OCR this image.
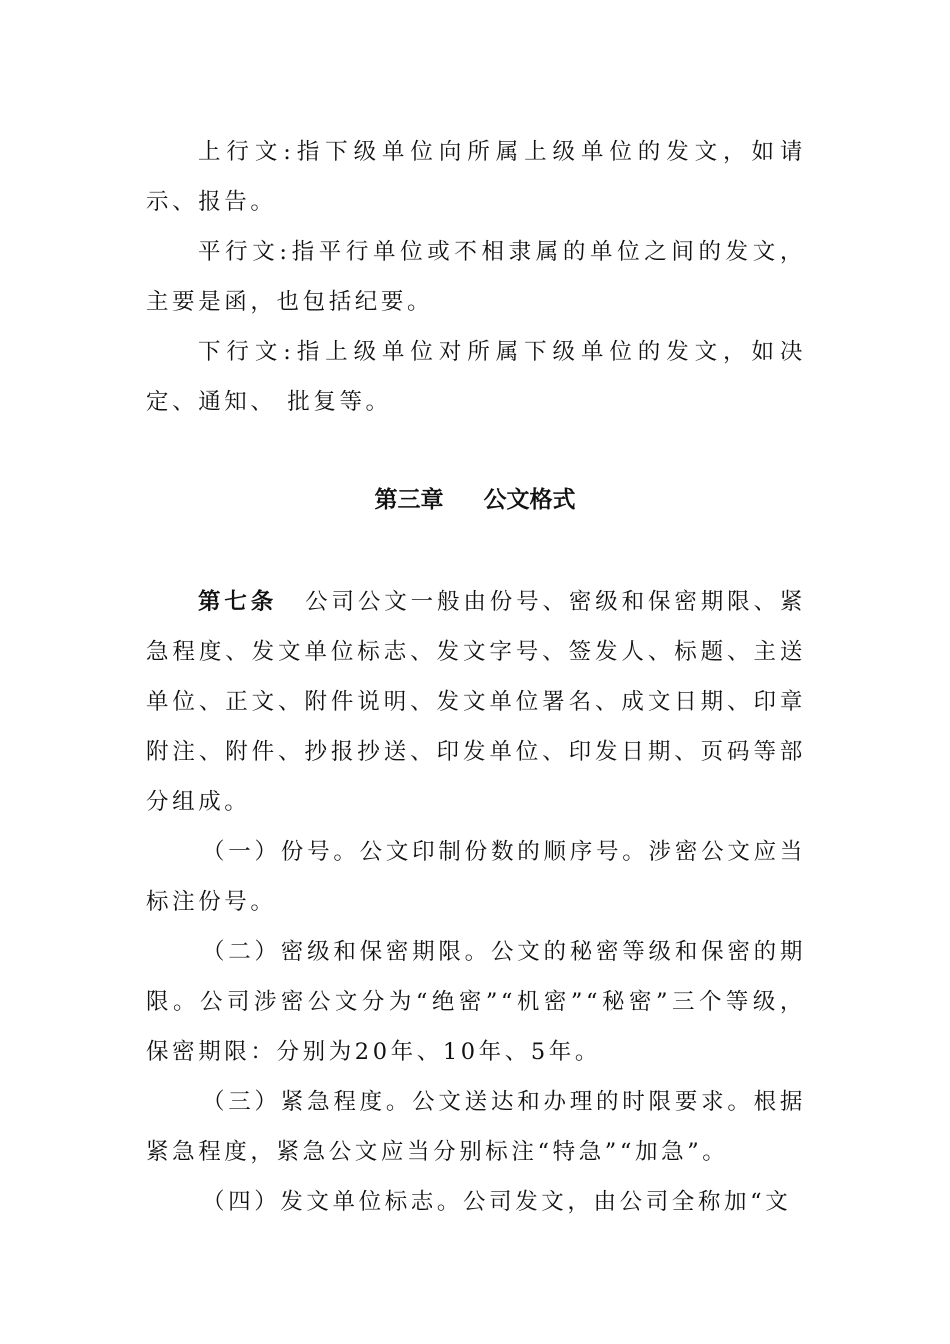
上行文:指下级单位向所属上级单位的发文，如请示、报告。

平行文:指平行单位或不相隶属的单位之间的发文，主要是函，也包括纪要。

下行文:指上级单位对所属下级单位的发文，如决定、通知、 批复等。

第三章 公文格式

第七条 公司公文一般由份号、密级和保密期限、紧急程度、发文单位标志、发文字号、签发人、标题、主送单位、正文、附件说明、发文单位署名、成文日期、印章附注、附件、抄报抄送、印发单位、印发日期、页码等部分组成。

（一）份号。公文印制份数的顺序号。涉密公文应当标注份号。

（二）密级和保密期限。公文的秘密等级和保密的期限。公司涉密公文分为“绝密”“机密”“秘密”三个等级，保密期限：分别为20年、10年、5年。

（三）紧急程度。公文送达和办理的时限要求。根据紧急程度，紧急公文应当分别标注“特急”“加急”。

（四）发文单位标志。公司发文，由公司全称加“文
